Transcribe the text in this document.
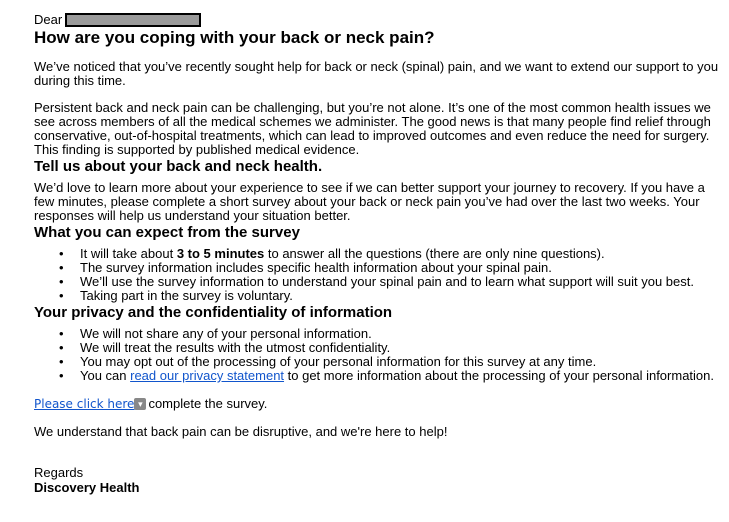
Dear
How are you coping with your back or neck pain?

We’ve noticed that you’ve recently sought help for back or neck (spinal) pain, and we want to extend our support to you during this time.

Persistent back and neck pain can be challenging, but you’re not alone. It’s one of the most common health issues we see across members of all the medical schemes we administer. The good news is that many people find relief through conservative, out-of-hospital treatments, which can lead to improved outcomes and even reduce the need for surgery. This finding is supported by published medical evidence.

Tell us about your back and neck health.

We’d love to learn more about your experience to see if we can better support your journey to recovery. If you have a few minutes, please complete a short survey about your back or neck pain you’ve had over the last two weeks. Your responses will help us understand your situation better.

What you can expect from the survey
• It will take about 3 to 5 minutes to answer all the questions (there are only nine questions).
• The survey information includes specific health information about your spinal pain.
• We’ll use the survey information to understand your spinal pain and to learn what support will suit you best.
• Taking part in the survey is voluntary.
Your privacy and the confidentiality of information
• We will not share any of your personal information.
• We will treat the results with the utmost confidentiality.
• You may opt out of the processing of your personal information for this survey at any time.
• You can read our privacy statement to get more information about the processing of your personal information.
Please click here ▾ complete the survey.

We understand that back pain can be disruptive, and we're here to help!

Regards
Discovery Health
